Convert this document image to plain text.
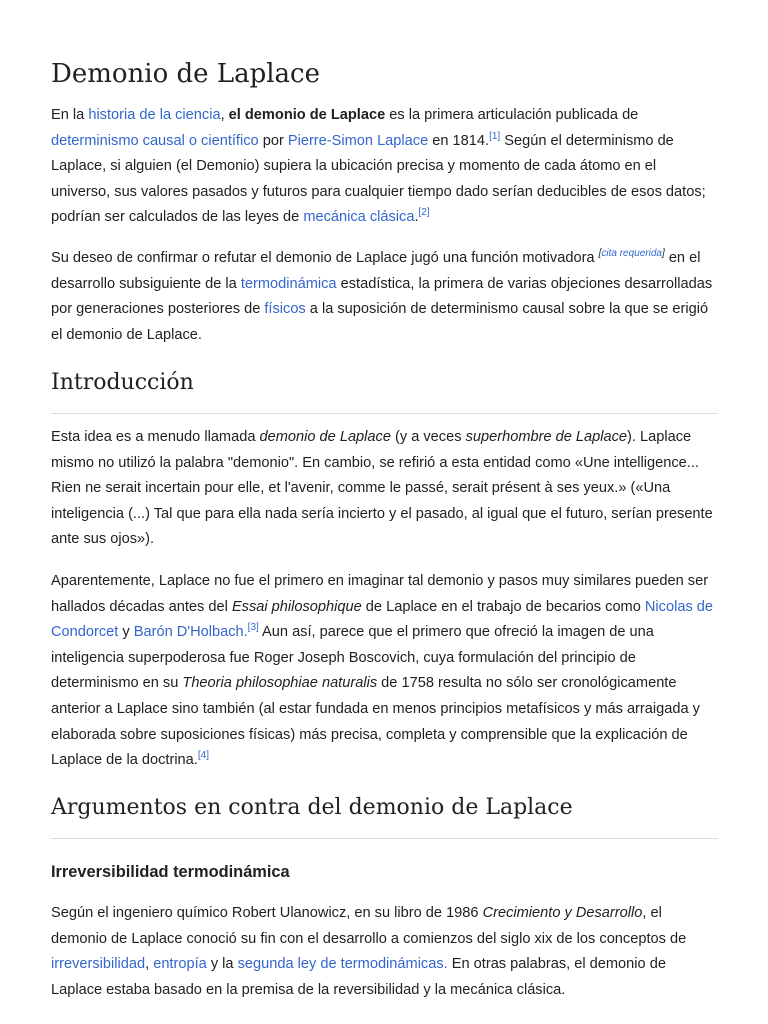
Demonio de Laplace

En la historia de la ciencia, el demonio de Laplace es la primera articulación publicada de determinismo causal o científico por Pierre-Simon Laplace en 1814.[1] Según el determinismo de Laplace, si alguien (el Demonio) supiera la ubicación precisa y momento de cada átomo en el universo, sus valores pasados y futuros para cualquier tiempo dado serían deducibles de esos datos; podrían ser calculados de las leyes de mecánica clásica.[2]

Su deseo de confirmar o refutar el demonio de Laplace jugó una función motivadora [cita requerida] en el desarrollo subsiguiente de la termodinámica estadística, la primera de varias objeciones desarrolladas por generaciones posteriores de físicos a la suposición de determinismo causal sobre la que se erigió el demonio de Laplace.

Introducción

Esta idea es a menudo llamada demonio de Laplace (y a veces superhombre de Laplace). Laplace mismo no utilizó la palabra "demonio". En cambio, se refirió a esta entidad como «Une intelligence... Rien ne serait incertain pour elle, et l'avenir, comme le passé, serait présent à ses yeux.» («Una inteligencia (...) Tal que para ella nada sería incierto y el pasado, al igual que el futuro, serían presente ante sus ojos»).

Aparentemente, Laplace no fue el primero en imaginar tal demonio y pasos muy similares pueden ser hallados décadas antes del Essai philosophique de Laplace en el trabajo de becarios como Nicolas de Condorcet y Barón D'Holbach.[3] Aun así, parece que el primero que ofreció la imagen de una inteligencia superpoderosa fue Roger Joseph Boscovich, cuya formulación del principio de determinismo en su Theoria philosophiae naturalis de 1758 resulta no sólo ser cronológicamente anterior a Laplace sino también (al estar fundada en menos principios metafísicos y más arraigada y elaborada sobre suposiciones físicas) más precisa, completa y comprensible que la explicación de Laplace de la doctrina.[4]

Argumentos en contra del demonio de Laplace
Irreversibilidad termodinámica

Según el ingeniero químico Robert Ulanowicz, en su libro de 1986 Crecimiento y Desarrollo, el demonio de Laplace conoció su fin con el desarrollo a comienzos del siglo xix de los conceptos de irreversibilidad, entropía y la segunda ley de termodinámicas. En otras palabras, el demonio de Laplace estaba basado en la premisa de la reversibilidad y la mecánica clásica.
